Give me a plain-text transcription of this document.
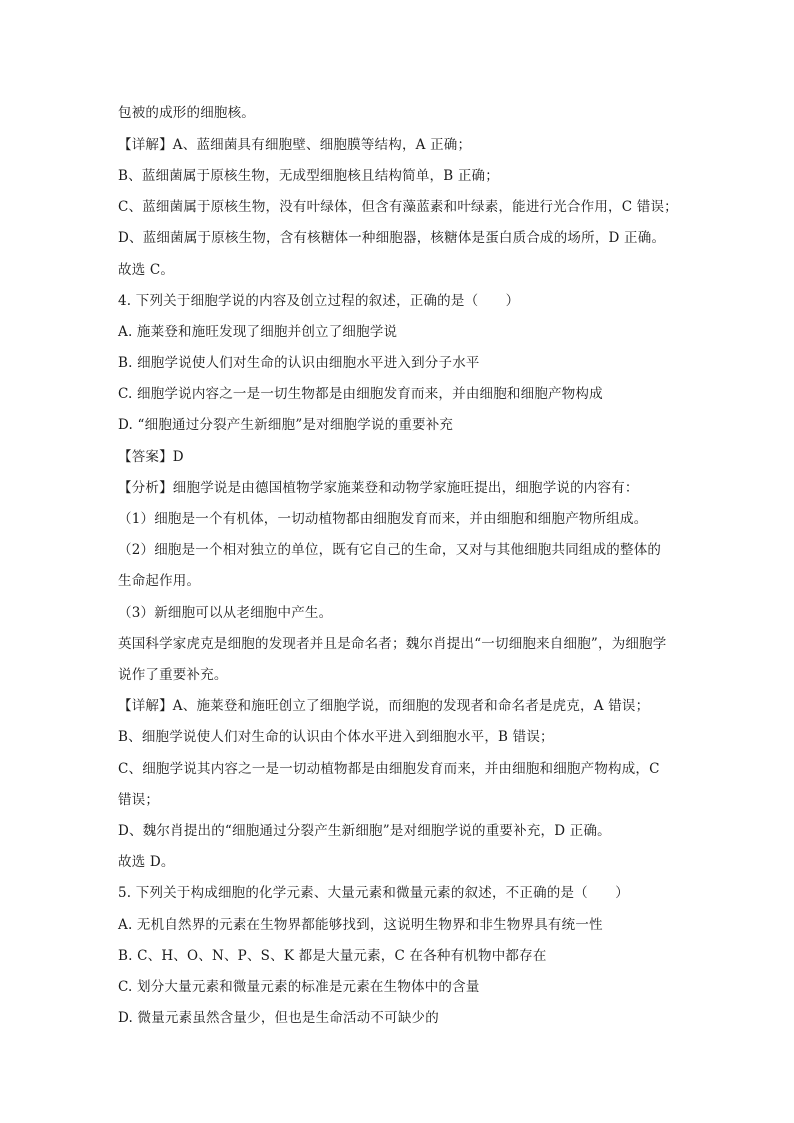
包被的成形的细胞核。
【详解】A、蓝细菌具有细胞壁、细胞膜等结构，A 正确；
B、蓝细菌属于原核生物，无成型细胞核且结构简单，B 正确；
C、蓝细菌属于原核生物，没有叶绿体，但含有藻蓝素和叶绿素，能进行光合作用，C 错误；
D、蓝细菌属于原核生物，含有核糖体一种细胞器，核糖体是蛋白质合成的场所，D 正确。
故选 C。
4. 下列关于细胞学说的内容及创立过程的叙述，正确的是（　　）
A. 施莱登和施旺发现了细胞并创立了细胞学说
B. 细胞学说使人们对生命的认识由细胞水平进入到分子水平
C. 细胞学说内容之一是一切生物都是由细胞发育而来，并由细胞和细胞产物构成
D. “细胞通过分裂产生新细胞”是对细胞学说的重要补充
【答案】D
【分析】细胞学说是由德国植物学家施莱登和动物学家施旺提出，细胞学说的内容有：
（1）细胞是一个有机体，一切动植物都由细胞发育而来，并由细胞和细胞产物所组成。
（2）细胞是一个相对独立的单位，既有它自己的生命，又对与其他细胞共同组成的整体的
生命起作用。
（3）新细胞可以从老细胞中产生。
英国科学家虎克是细胞的发现者并且是命名者；魏尔肖提出“一切细胞来自细胞”，为细胞学
说作了重要补充。
【详解】A、施莱登和施旺创立了细胞学说，而细胞的发现者和命名者是虎克，A 错误；
B、细胞学说使人们对生命的认识由个体水平进入到细胞水平，B 错误；
C、细胞学说其内容之一是一切动植物都是由细胞发育而来，并由细胞和细胞产物构成，C
错误；
D、魏尔肖提出的“细胞通过分裂产生新细胞”是对细胞学说的重要补充，D 正确。
故选 D。
5. 下列关于构成细胞的化学元素、大量元素和微量元素的叙述，不正确的是（　　）
A. 无机自然界的元素在生物界都能够找到，这说明生物界和非生物界具有统一性
B. C、H、O、N、P、S、K 都是大量元素，C 在各种有机物中都存在
C. 划分大量元素和微量元素的标准是元素在生物体中的含量
D. 微量元素虽然含量少，但也是生命活动不可缺少的
